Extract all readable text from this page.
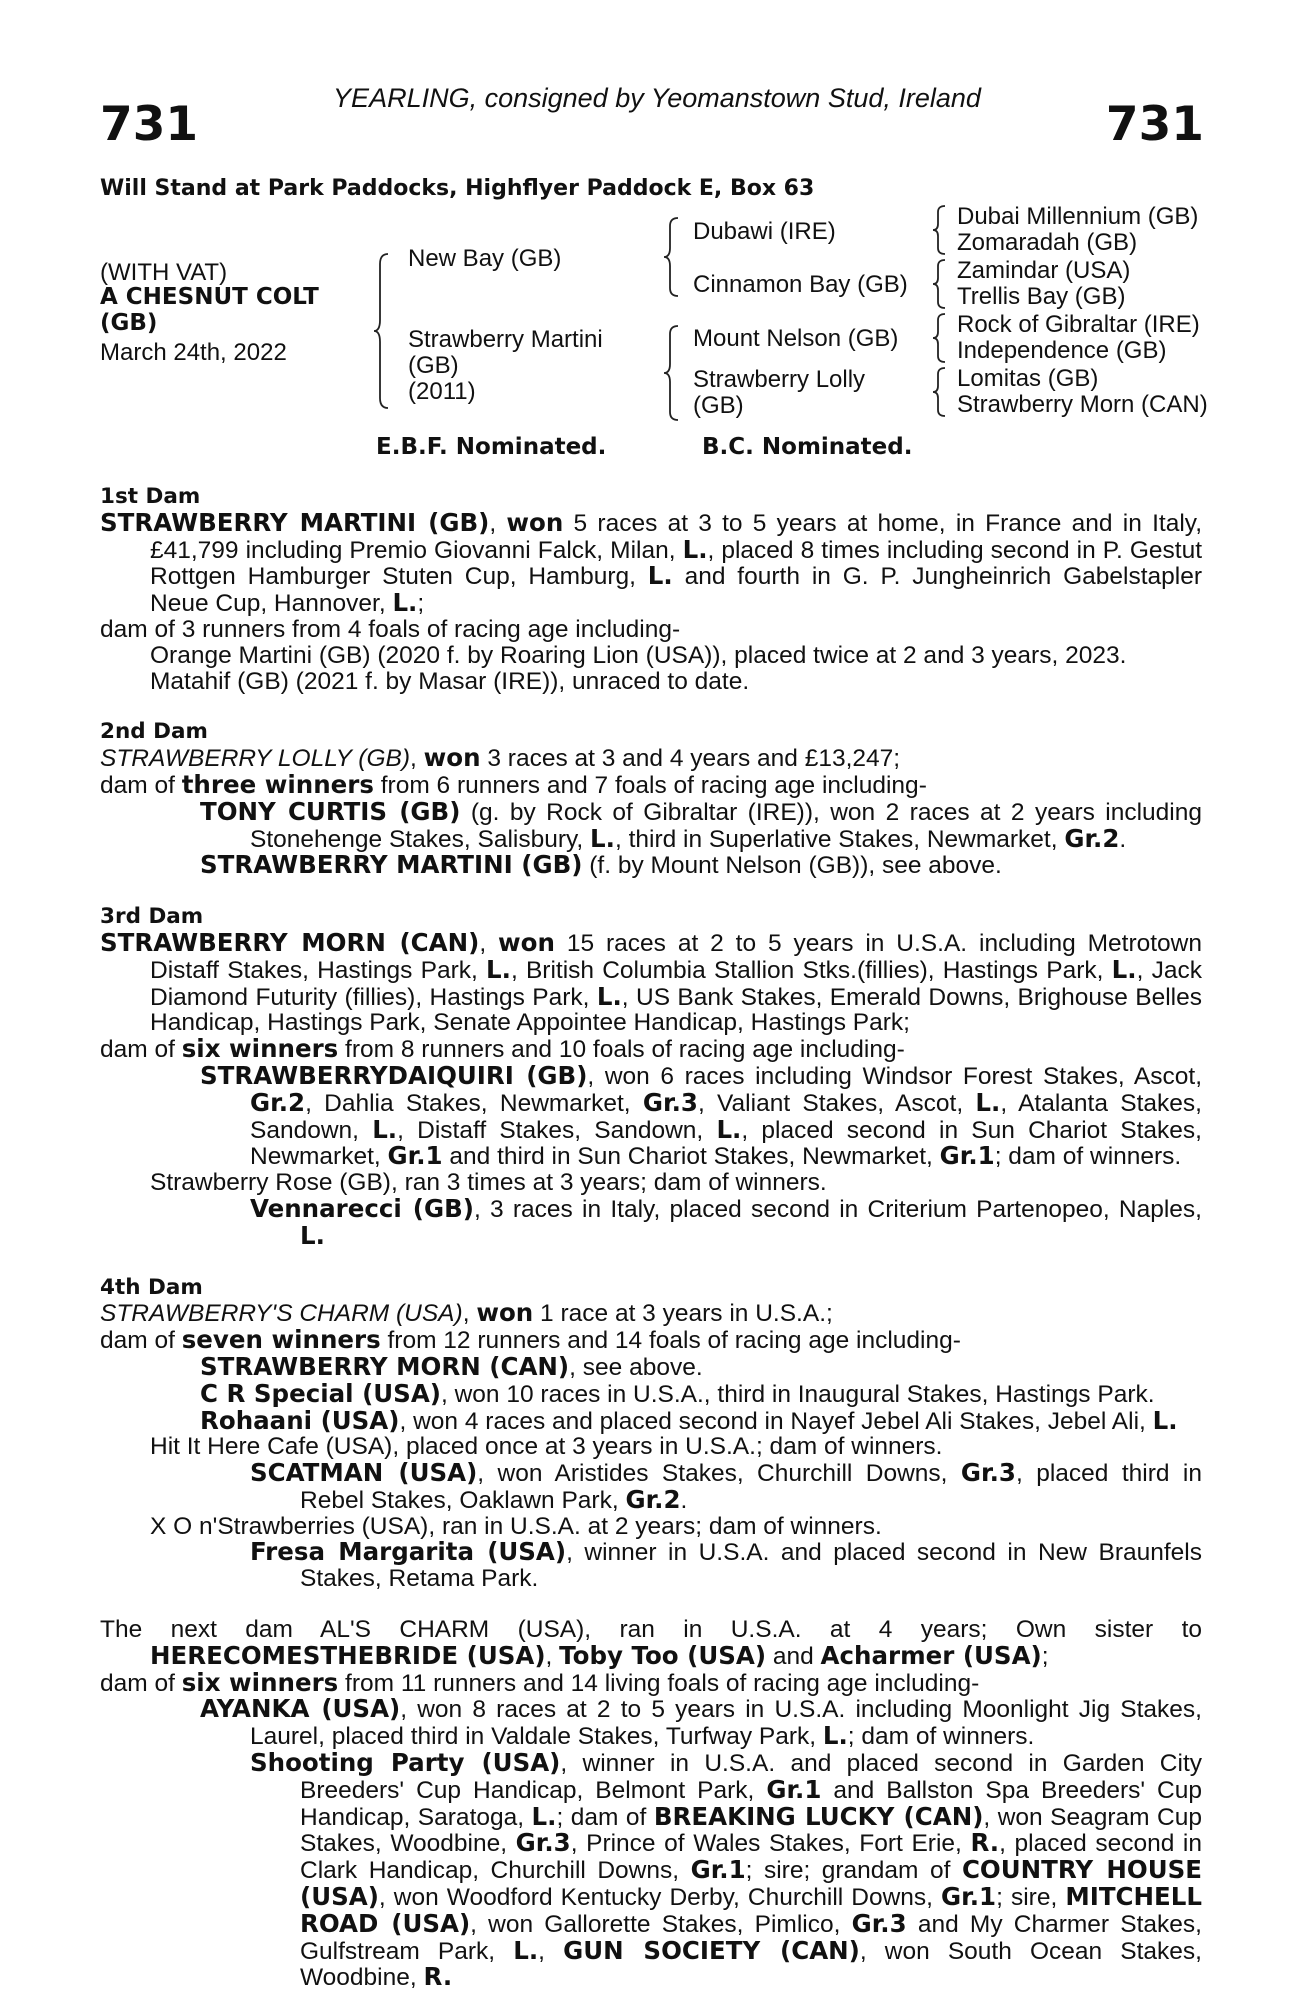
YEARLING, consigned by Yeomanstown Stud, Ireland
731	731
Will Stand at Park Paddocks, Highflyer Paddock E, Box 63
(WITH VAT)
A CHESNUT COLT
(GB)
March 24th, 2022
New Bay (GB)
Strawberry Martini
(GB)
(2011)
Dubawi (IRE)
Cinnamon Bay (GB)
Mount Nelson (GB)
Strawberry Lolly
(GB)
Dubai Millennium (GB)
Zomaradah (GB)
Zamindar (USA)
Trellis Bay (GB)
Rock of Gibraltar (IRE)
Independence (GB)
Lomitas (GB)
Strawberry Morn (CAN)
E.B.F. Nominated.	B.C. Nominated.
1st Dam
STRAWBERRY MARTINI (GB), won 5 races at 3 to 5 years at home, in France and in Italy, £41,799 including Premio Giovanni Falck, Milan, L., placed 8 times including second in P. Gestut Rottgen Hamburger Stuten Cup, Hamburg, L. and fourth in G. P. Jungheinrich Gabelstapler Neue Cup, Hannover, L.;
dam of 3 runners from 4 foals of racing age including-
Orange Martini (GB) (2020 f. by Roaring Lion (USA)), placed twice at 2 and 3 years, 2023.
Matahif (GB) (2021 f. by Masar (IRE)), unraced to date.
2nd Dam
STRAWBERRY LOLLY (GB), won 3 races at 3 and 4 years and £13,247;
dam of three winners from 6 runners and 7 foals of racing age including-
TONY CURTIS (GB) (g. by Rock of Gibraltar (IRE)), won 2 races at 2 years including Stonehenge Stakes, Salisbury, L., third in Superlative Stakes, Newmarket, Gr.2.
STRAWBERRY MARTINI (GB) (f. by Mount Nelson (GB)), see above.
3rd Dam
STRAWBERRY MORN (CAN), won 15 races at 2 to 5 years in U.S.A. including Metrotown Distaff Stakes, Hastings Park, L., British Columbia Stallion Stks.(fillies), Hastings Park, L., Jack Diamond Futurity (fillies), Hastings Park, L., US Bank Stakes, Emerald Downs, Brighouse Belles Handicap, Hastings Park, Senate Appointee Handicap, Hastings Park;
dam of six winners from 8 runners and 10 foals of racing age including-
STRAWBERRYDAIQUIRI (GB), won 6 races including Windsor Forest Stakes, Ascot, Gr.2, Dahlia Stakes, Newmarket, Gr.3, Valiant Stakes, Ascot, L., Atalanta Stakes, Sandown, L., Distaff Stakes, Sandown, L., placed second in Sun Chariot Stakes, Newmarket, Gr.1 and third in Sun Chariot Stakes, Newmarket, Gr.1; dam of winners.
Strawberry Rose (GB), ran 3 times at 3 years; dam of winners.
Vennarecci (GB), 3 races in Italy, placed second in Criterium Partenopeo, Naples, L.
4th Dam
STRAWBERRY'S CHARM (USA), won 1 race at 3 years in U.S.A.;
dam of seven winners from 12 runners and 14 foals of racing age including-
STRAWBERRY MORN (CAN), see above.
C R Special (USA), won 10 races in U.S.A., third in Inaugural Stakes, Hastings Park.
Rohaani (USA), won 4 races and placed second in Nayef Jebel Ali Stakes, Jebel Ali, L.
Hit It Here Cafe (USA), placed once at 3 years in U.S.A.; dam of winners.
SCATMAN (USA), won Aristides Stakes, Churchill Downs, Gr.3, placed third in Rebel Stakes, Oaklawn Park, Gr.2.
X O n'Strawberries (USA), ran in U.S.A. at 2 years; dam of winners.
Fresa Margarita (USA), winner in U.S.A. and placed second in New Braunfels Stakes, Retama Park.
The next dam AL'S CHARM (USA), ran in U.S.A. at 4 years; Own sister to HERECOMESTHEBRIDE (USA), Toby Too (USA) and Acharmer (USA);
dam of six winners from 11 runners and 14 living foals of racing age including-
AYANKA (USA), won 8 races at 2 to 5 years in U.S.A. including Moonlight Jig Stakes, Laurel, placed third in Valdale Stakes, Turfway Park, L.; dam of winners.
Shooting Party (USA), winner in U.S.A. and placed second in Garden City Breeders' Cup Handicap, Belmont Park, Gr.1 and Ballston Spa Breeders' Cup Handicap, Saratoga, L.; dam of BREAKING LUCKY (CAN), won Seagram Cup Stakes, Woodbine, Gr.3, Prince of Wales Stakes, Fort Erie, R., placed second in Clark Handicap, Churchill Downs, Gr.1; sire; grandam of COUNTRY HOUSE (USA), won Woodford Kentucky Derby, Churchill Downs, Gr.1; sire, MITCHELL ROAD (USA), won Gallorette Stakes, Pimlico, Gr.3 and My Charmer Stakes, Gulfstream Park, L., GUN SOCIETY (CAN), won South Ocean Stakes, Woodbine, R.
